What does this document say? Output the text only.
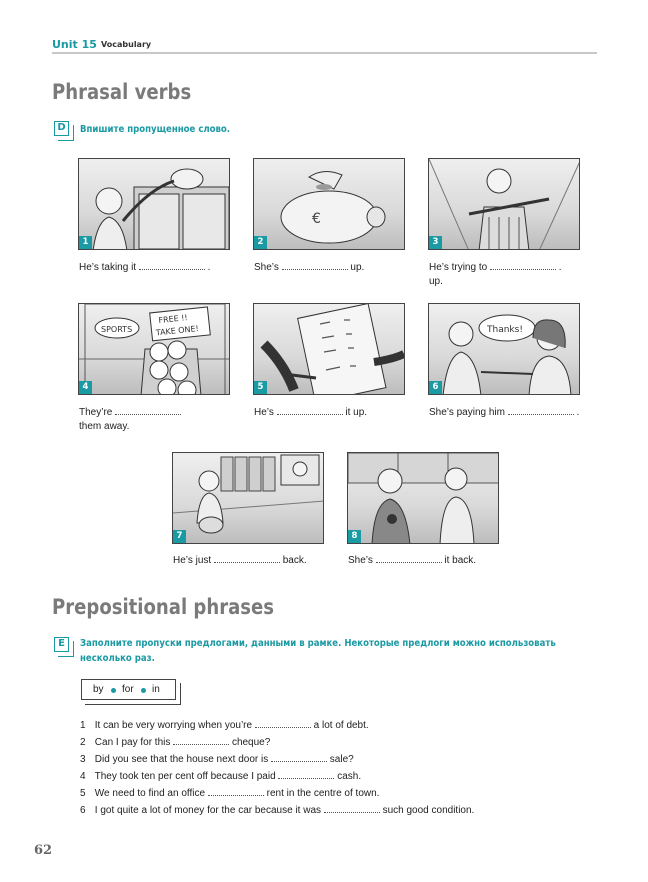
Unit 15 Vocabulary
Phrasal verbs
D	Впишите пропущенное слово.
1
€
2	3
He’s taking it	.	She’s	up.	He’s trying to	.
up.
SPORTS
FREE !!
TAKE ONE!
4	5
Thanks!
6
They’re
them away.
He’s	it up.	She’s paying him	.
7	8
He’s just	back.	She’s	it back.
Prepositional phrases
E	Заполните пропуски предлогами, данными в рамке. Некоторые предлоги можно использовать
несколько раз.
by for in
1 It can be very worrying when you’re	a lot of debt.
2 Can I pay for this	cheque?
3 Did you see that the house next door is	sale?
4 They took ten per cent off because I paid	cash.
5 We need to find an office	rent in the centre of town.
6 I got quite a lot of money for the car because it was	such good condition.
62
